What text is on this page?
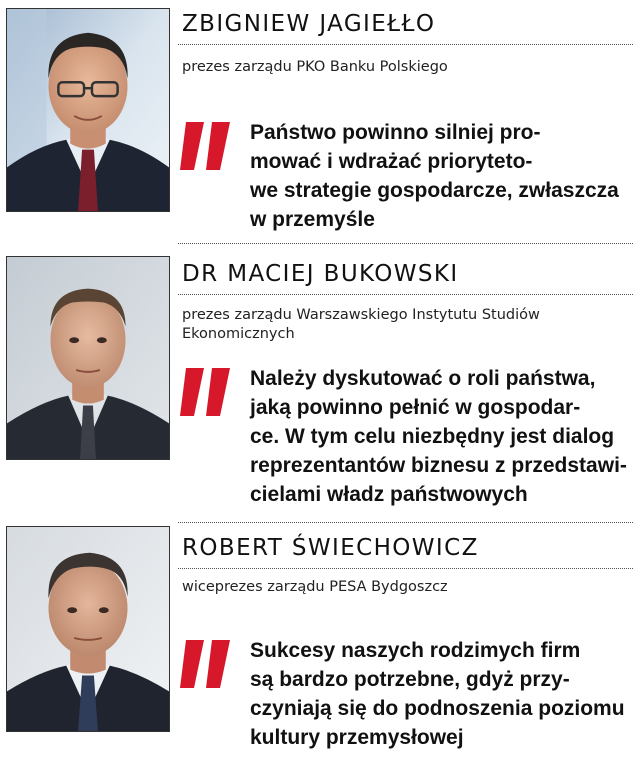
ZBIGNIEW JAGIEŁŁO

prezes zarządu PKO Banku Polskiego

Państwo powinno silniej pro-

mować i wdrażać prioryteto-

we strategie gospodarcze, zwłaszcza

w przemyśle

DR MACIEJ BUKOWSKI

prezes zarządu Warszawskiego Instytutu Studiów Ekonomicznych

Należy dyskutować o roli państwa,

jaką powinno pełnić w gospodar-

ce. W tym celu niezbędny jest dialog

reprezentantów biznesu z przedstawi-

cielami władz państwowych

ROBERT ŚWIECHOWICZ

wiceprezes zarządu PESA Bydgoszcz

Sukcesy naszych rodzimych firm

są bardzo potrzebne, gdyż przy-

czyniają się do podnoszenia poziomu

kultury przemysłowej
